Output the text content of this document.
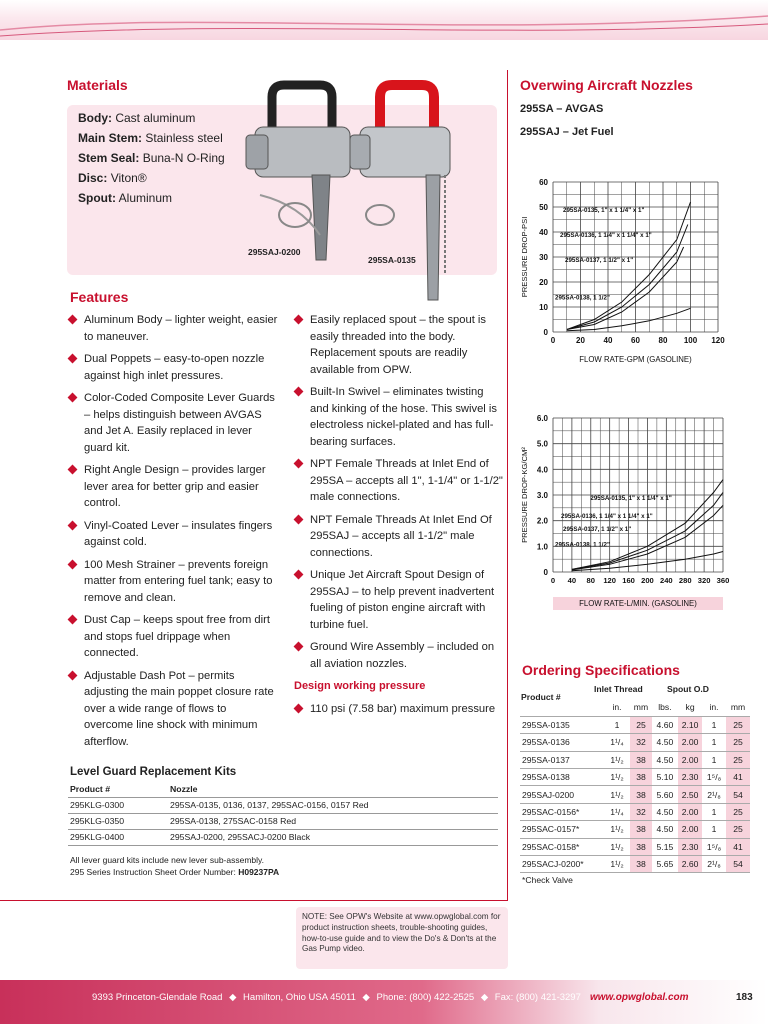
Materials
Body: Cast aluminum
Main Stem: Stainless steel
Stem Seal: Buna-N O-Ring
Disc: Viton®
Spout: Aluminum
295SAJ-0200
295SA-0135
Features
Aluminum Body – lighter weight, easier to maneuver.
Dual Poppets – easy-to-open nozzle against high inlet pressures.
Color-Coded Composite Lever Guards – helps distinguish between AVGAS and Jet A. Easily replaced in lever guard kit.
Right Angle Design – provides larger lever area for better grip and easier control.
Vinyl-Coated Lever – insulates fingers against cold.
100 Mesh Strainer – prevents foreign matter from entering fuel tank; easy to remove and clean.
Dust Cap – keeps spout free from dirt and stops fuel drippage when connected.
Adjustable Dash Pot – permits adjusting the main poppet closure rate over a wide range of flows to overcome line shock with minimum afterflow.
Easily replaced spout – the spout is easily threaded into the body. Replacement spouts are readily available from OPW.
Built-In Swivel – eliminates twisting and kinking of the hose. This swivel is electroless nickel-plated and has full-bearing surfaces.
NPT Female Threads at Inlet End of 295SA – accepts all 1", 1-1/4" or 1-1/2" male connections.
NPT Female Threads At Inlet End Of 295SAJ – accepts all 1-1/2" male connections.
Unique Jet Aircraft Spout Design of 295SAJ – to help prevent inadvertent fueling of piston engine aircraft with turbine fuel.
Ground Wire Assembly – included on all aviation nozzles.
Design working pressure
110 psi (7.58 bar) maximum pressure
Level Guard Replacement Kits
Product #	Nozzle
295KLG-0300	295SA-0135, 0136, 0137, 295SAC-0156, 0157 Red
295KLG-0350	295SA-0138, 275SAC-0158 Red
295KLG-0400	295SAJ-0200, 295SACJ-0200 Black
All lever guard kits include new lever sub-assembly.
295 Series Instruction Sheet Order Number: H09237PA
Overwing Aircraft Nozzles
295SA – AVGAS
295SAJ – Jet Fuel
0	20 40 60 80 100 120
0
10
20
30
40
50
60
FLOW RATE-GPM (GASOLINE)
PRESSURE DROP-PSI
295SA-0135, 1" x 1 1/4" x 1"
295SA-0136, 1 1/4" x 1 1/4" x 1"
295SA-0137, 1 1/2" x 1"
295SA-0138, 1 1/2"
0 40 80 120 160 200 240 280 320 360
0
1.0
2.0
3.0
4.0
5.0
6.0
FLOW RATE-L/MIN. (GASOLINE)
PRESSURE DROP-KG/CM²	295SA-0135, 1" x 1 1/4" x 1"
295SA-0136, 1 1/4" x 1 1/4" x 1"
295SA-0137, 1 1/2" x 1"
295SA-0138, 1 1/2"
Ordering Specifications
Product #
Inlet Thread	Spout O.D
	in.	mm	lbs.	kg	in.	mm
295SA-0135	1	25	4.60	2.10	1	25
295SA-0136	1¹/₄	32	4.50	2.00	1	25
295SA-0137	1¹/₂	38	4.50	2.00	1	25
295SA-0138	1¹/₂	38	5.10	2.30	1⁵/₈	41
295SAJ-0200	1¹/₂	38	5.60	2.50	2¹/₈	54
295SAC-0156*	1¹/₄	32	4.50	2.00	1	25
295SAC-0157*	1¹/₂	38	4.50	2.00	1	25
295SAC-0158*	1¹/₂	38	5.15	2.30	1⁵/₈	41
295SACJ-0200*	1¹/₂	38	5.65	2.60	2¹/₈	54
*Check Valve
NOTE: See OPW's Website at www.opwglobal.com for product instruction sheets, trouble-shooting guides, how-to-use guide and to view the Do's & Don'ts at the Gas Pump video.
9393 Princeton-Glendale Road ◆ Hamilton, Ohio USA 45011 ◆ Phone: (800) 422-2525 ◆ Fax: (800) 421-3297 www.opwglobal.com	183
